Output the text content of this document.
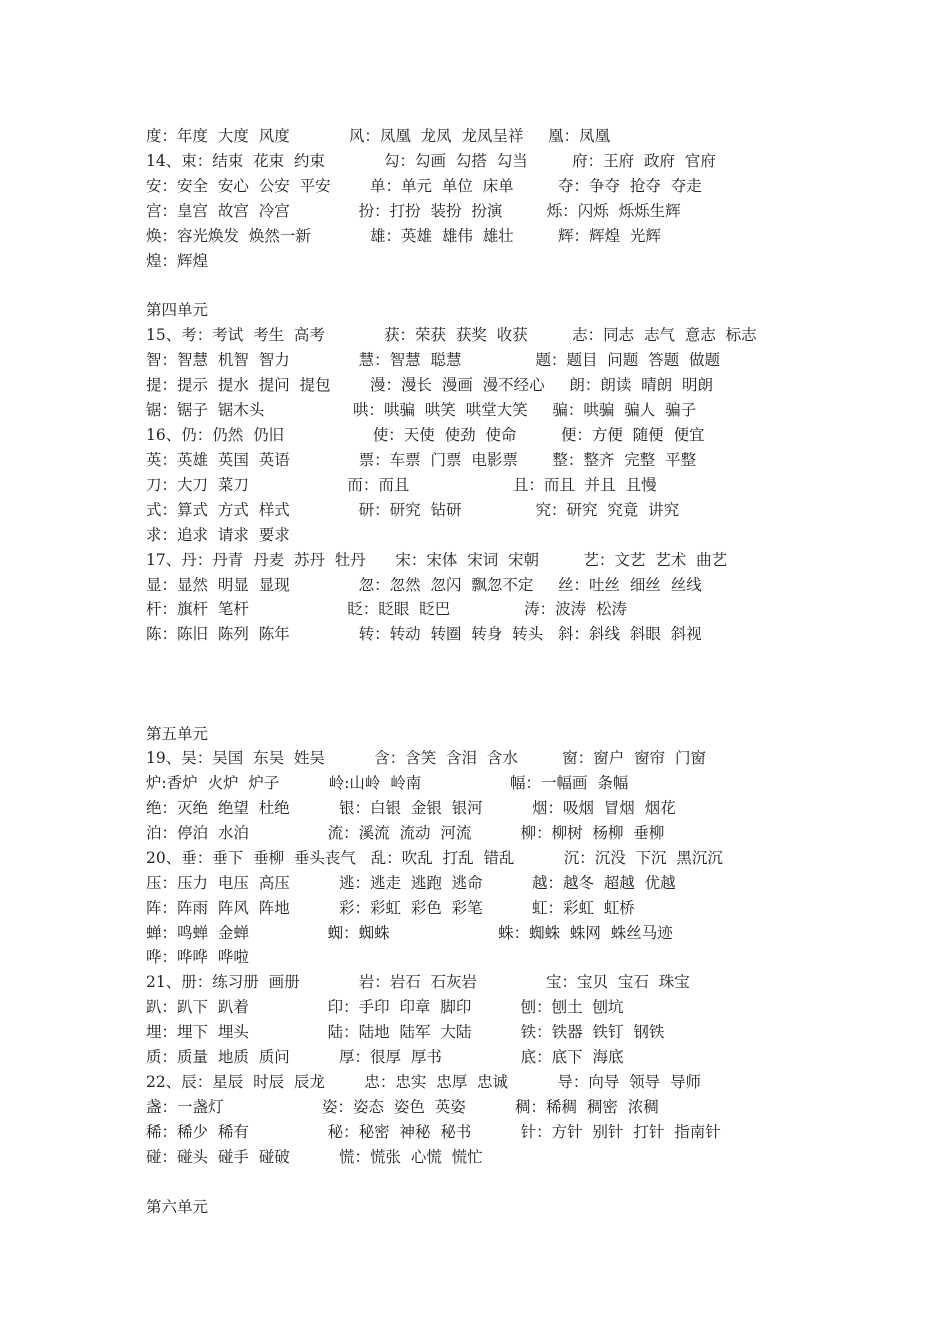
度：年度  大度  风度            风：凤凰  龙凤  龙凤呈祥     凰：凤凰
14、束：结束  花束  约束            勾：勾画  勾搭  勾当         府：王府  政府  官府
安：安全  安心  公安  平安        单：单元  单位  床单         夺：争夺  抢夺  夺走
宫：皇宫  故宫  冷宫              扮：打扮  装扮  扮演         烁：闪烁  烁烁生辉
焕：容光焕发  焕然一新            雄：英雄  雄伟  雄壮         辉：辉煌  光辉
煌：辉煌
第四单元
15、考：考试  考生  高考            获：荣获  获奖  收获         志：同志  志气  意志  标志
智：智慧  机智  智力              慧：智慧  聪慧               题：题目  问题  答题  做题
提：提示  提水  提问  提包        漫：漫长  漫画  漫不经心     朗：朗读  晴朗  明朗
锯：锯子  锯木头                  哄：哄骗  哄笑  哄堂大笑     骗：哄骗  骗人  骗子
16、仍：仍然  仍旧                  使：天使  使劲  使命         便：方便  随便  便宜
英：英雄  英国  英语              票：车票  门票  电影票       整：整齐  完整  平整
刀：大刀  菜刀                    而：而且                     且：而且  并且  且慢
式：算式  方式  样式              研：研究  钻研               究：研究  究竟  讲究
求：追求  请求  要求
17、丹：丹青  丹麦  苏丹  牡丹      宋：宋体  宋词  宋朝         艺：文艺  艺术  曲艺
显：显然  明显  显现              忽：忽然  忽闪  飘忽不定     丝：吐丝  细丝  丝线
杆：旗杆  笔杆                    眨：眨眼  眨巴               涛：波涛  松涛
陈：陈旧  陈列  陈年              转：转动  转圈  转身  转头   斜：斜线  斜眼  斜视
第五单元
19、吴：吴国  东吴  姓吴          含：含笑  含泪  含水         窗：窗户  窗帘  门窗
炉:香炉  火炉  炉子          岭:山岭  岭南                  幅：一幅画  条幅
绝：灭绝  绝望  杜绝          银：白银  金银  银河          烟：吸烟  冒烟  烟花
泊：停泊  水泊                流：溪流  流动  河流          柳：柳树  杨柳  垂柳
20、垂：垂下  垂柳  垂头丧气   乱：吹乱  打乱  错乱          沉：沉没  下沉  黑沉沉
压：压力  电压  高压          逃：逃走  逃跑  逃命          越：越冬  超越  优越
阵：阵雨  阵风  阵地          彩：彩虹  彩色  彩笔          虹：彩虹  虹桥
蝉：鸣蝉  金蝉                蜘：蜘蛛                      蛛：蜘蛛  蛛网  蛛丝马迹
哗：哗哗  哗啦
21、册：练习册  画册            岩：岩石  石灰岩              宝：宝贝  宝石  珠宝
趴：趴下  趴着                印：手印  印章  脚印          刨：刨土  刨坑
埋：埋下  埋头                陆：陆地  陆军  大陆          铁：铁器  铁钉  钢铁
质：质量  地质  质问          厚：很厚  厚书                底：底下  海底
22、辰：星辰  时辰  辰龙        忠：忠实  忠厚  忠诚          导：向导  领导  导师
盏：一盏灯                    姿：姿态  姿色  英姿          稠：稀稠  稠密  浓稠
稀：稀少  稀有                秘：秘密  神秘  秘书          针：方针  别针  打针  指南针
碰：碰头  碰手  碰破          慌：慌张  心慌  慌忙
第六单元
